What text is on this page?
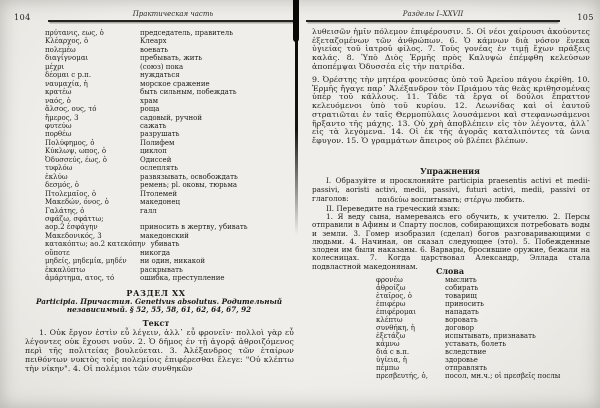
104	Практическая часть
πρύτανις, εως, ὁ	председатель, правитель
Κλέαρχος, ὁ	Клеарх
πολεμέω	воевать
διαγίγνομαι	пребывать, жить
μέχρι	(союз) пока
δέομαι с р.п.	нуждаться
ναυμαχία, ἡ	морское сражение
κρατέω	быть сильным, побеждать
ναός, ὁ	храм
ἄλσος, ους, τό	роща
ἥμερος, 3	садовый, ручной
φυτεύω	сажать
πορθέω	разрушать
Πολύφημος, ὁ	Полифем
Κύκλωψ, ωπος, ὁ	циклоп
Ὀδυσσεύς, έως, ὁ	Одиссей
τυφλόω	ослеплять
ἐκλύω	развязывать, освобождать
δεσμός, ὁ	ремень; pl. оковы, тюрьма
Πτολεμαῖος, ὁ	Птолемей
Μακεδών, όνος, ὁ	македонец
Γαλάτης, ὁ	галл
σφάζω, σφάττω;
аор.2 ἐσφάγην	приносить в жертву, убивать
Μακεδονικός, 3	македонский
κατακόπτω; ао.2 κατεκόπην убивать
οὔποτε	никогда
μηδείς, μηδεμία, μηδέν	ни один, никакой
ἐκκαλύπτω	раскрывать
ἁμάρτημα, ατος, τό	ошибка, преступление
РАЗДЕЛ XX
Participia. Причастия. Genetivus absolutus. Родительный независимый. § 52, 55, 58, 61, 62, 64, 67, 92
Текст
1. Οὐκ ἔργον ἐστὶν εὖ λέγειν, ἀλλ᾽ εὖ φρονεῖν· πολλοὶ γὰρ εὖ λέγοντες οὐκ ἔχουσι νοῦν. 2. Ὁ δῆμος ἐν τῇ ἀγορᾷ ἀθροιζόμενος περὶ τῆς πολιτείας βουλεύεται. 3. Ἀλέξανδρος τῶν ἑταίρων πειθόντων νυκτὸς τοῖς πολεμίοις ἐπιφέρεσθαι ἔλεγε: "Οὐ κλέπτω τὴν νίκην". 4. Οἱ πολέμιοι τῶν συνθηκῶν
Разделы I–XXVII	105
λυθεισῶν ἡμῖν πόλεμον ἐπιφέρουσιν. 5. Οἱ νέοι χαίρουσι ἀκούοντες ἐξεταζομένων τῶν ἀνθρώπων. 6. Ὁ κάμνων διὰ νόσον ἕνεκα ὑγιείας τοῦ ἰατροῦ φίλος. 7. Τοὺς γονέας ἐν τιμῇ ἔχων πράξεις καλάς. 8. Ὑπὸ Διὸς Ἑρμῆς πρὸς Καλυψὼ ἐπέμφθη κελεύσων ἀποπέμψαι Ὀδυσσέα εἰς τὴν πατρίδα.
9. Ὀρέστης τὴν μητέρα φονεύσας ὑπὸ τοῦ Ἀρείου πάγου ἐκρίθη. 10. Ἑρμῆς ἤγαγε παρ᾽ Ἀλέξανδρον τὸν Πριάμου τὰς θεὰς κριθησομένας ὑπὲρ τοῦ κάλλους. 11. Τάδε τὰ ἔργα οἱ δοῦλοι ἔπραττον κελευόμενοι ὑπὸ τοῦ κυρίου. 12. Λεωνίδας καὶ οἱ ἑαυτοῦ στρατιῶται ἐν ταῖς Θερμοπύλαις λουσάμενοι καὶ στεφανωσάμενοι ἤρξαντο τῆς μάχης. 13. Οὐ χρὴ ἀποβλέπειν εἰς τὸν λέγοντα, ἀλλ᾽ εἰς τὰ λεγόμενα. 14. Οἱ ἐκ τῆς ἀγορᾶς καταλιπόντες τὰ ὤνια ἔφυγον. 15. Ὁ γραμμάτων ἄπειρος οὐ βλέπει βλέπων.
Упражнения
I. Образуйте и просклоняйте participia praesentis activi et medii-passivi, aoristi activi, medii, passivi, futuri activi, medii, passivi от глаголов:	παιδεύω воспитывать; στέργω любить.
II. Переведите на греческий язык:
1. Я веду сына, намереваясь его обучить, к учителю. 2. Персы отправили в Афины и Спарту послов, собирающихся потребовать воды и земли. 3. Гомер изобразил (сделал) богов разговаривающими с людьми. 4. Начиная, он сказал следующее (это). 5. Побежденные злодеи им были наказаны. 6. Варвары, бросившие оружие, бежали на колесницах. 7. Когда царствовал Александр, Эллада стала подвластной македонянам.	Слова
φρονέω	мыслить
ἀθροίζω	собирать
ἑταῖρος, ὁ	товарищ
ἐπιφέρω	приносить
ἐπιφέρομαι	нападать
κλέπτω	воровать
συνθήκη, ἡ	договор
ἐξετάζω	испытывать, признавать
κάμνω	уставать, болеть
διά с в.п.	вследствие
ὑγίεια, ἡ	здоровье
πέμπω	отправлять
πρεσβευτής, ὁ,	посол, мн.ч.; οἱ πρεσβεῖς послы
